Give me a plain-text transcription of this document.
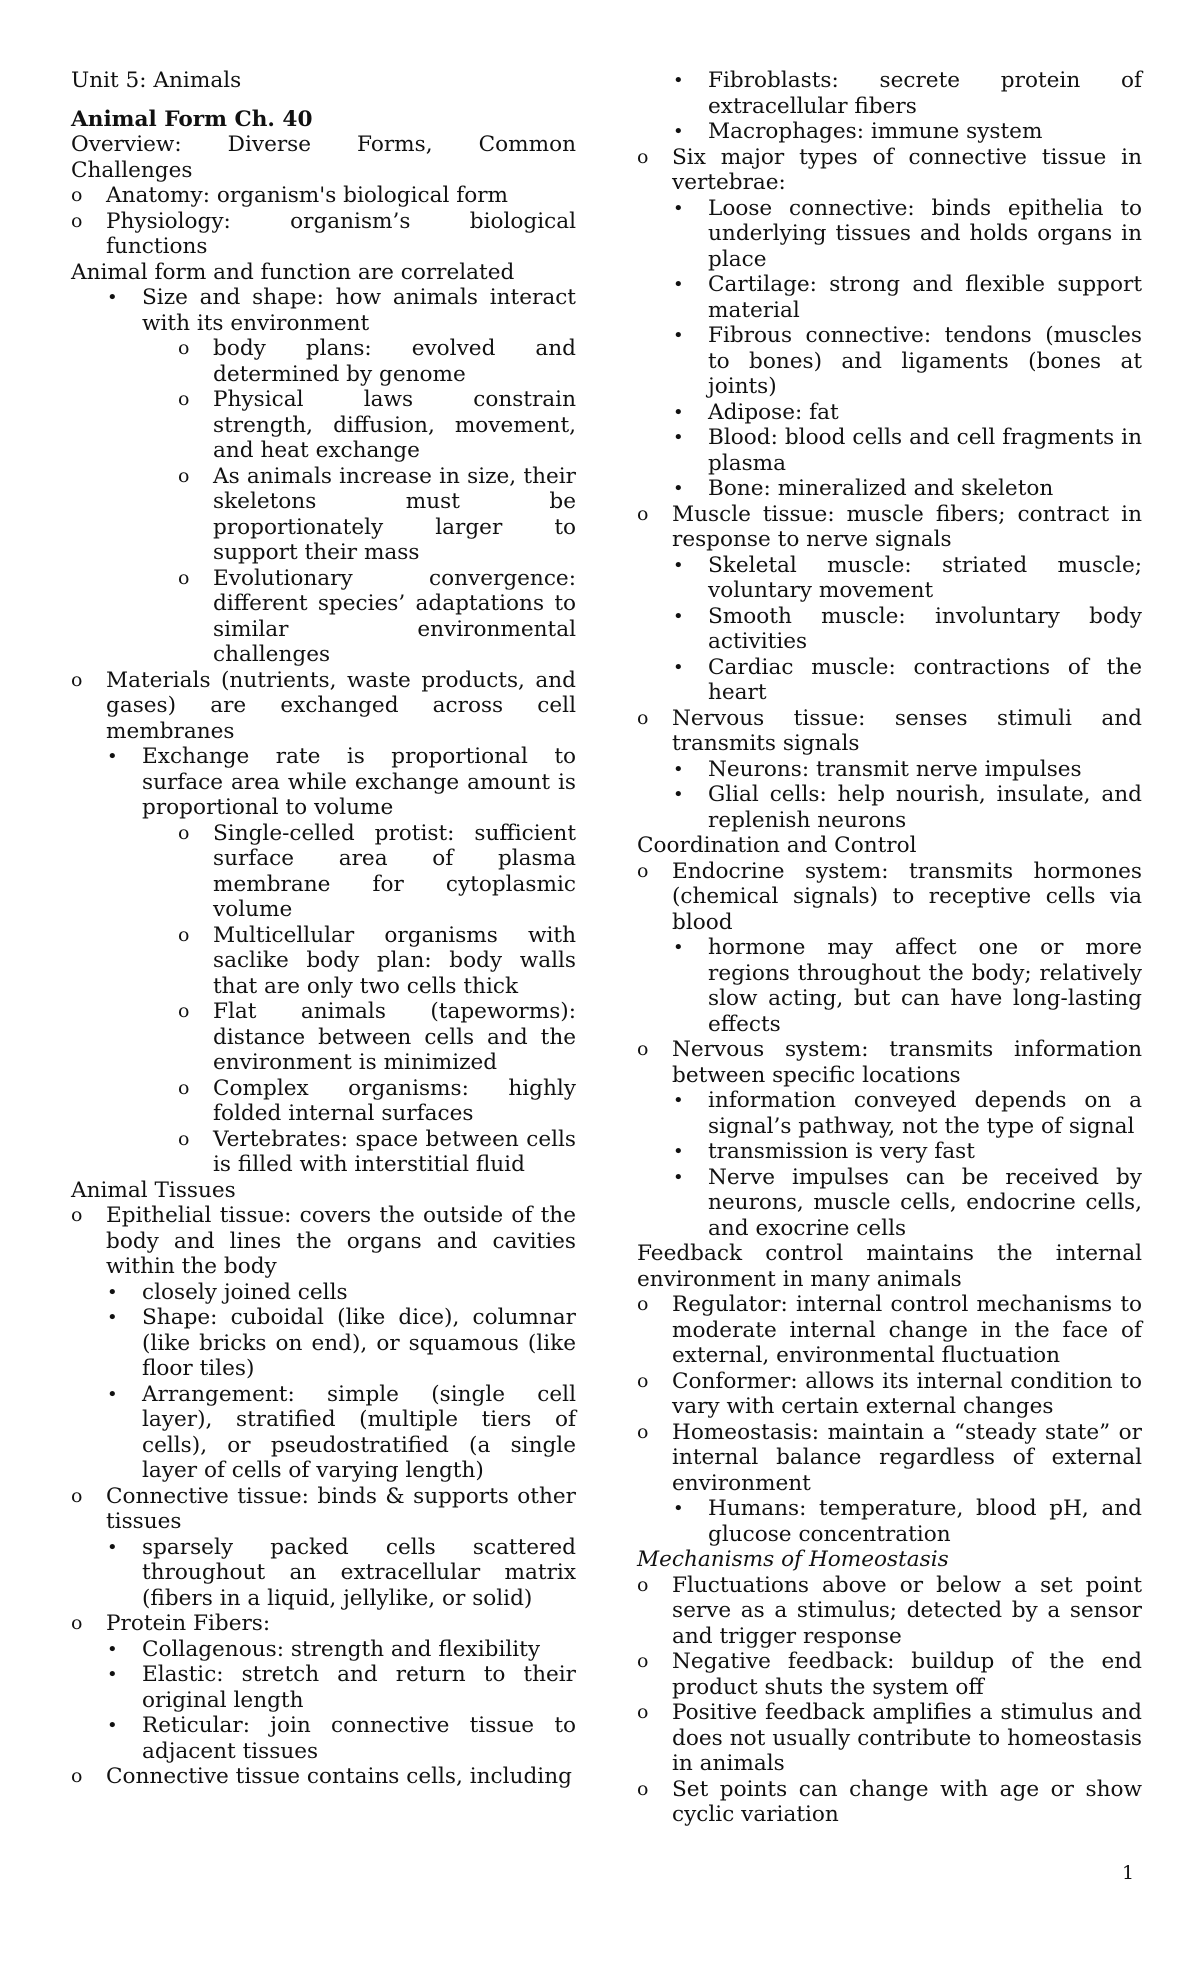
Unit 5: Animals

Animal Form Ch. 40

Overview: Diverse Forms, Common Challenges

o Anatomy: organism's biological form

o Physiology: organism’s biological functions

Animal form and function are correlated

• Size and shape: how animals interact with its environment

o body plans: evolved and determined by genome

o Physical laws constrain strength, diffusion, movement, and heat exchange

o As animals increase in size, their skeletons must be proportionately larger to support their mass

o Evolutionary convergence: different species’ adaptations to similar environmental challenges

o Materials (nutrients, waste products, and gases) are exchanged across cell membranes

• Exchange rate is proportional to surface area while exchange amount is proportional to volume

o Single-celled protist: sufficient surface area of plasma membrane for cytoplasmic volume

o Multicellular organisms with saclike body plan: body walls that are only two cells thick

o Flat animals (tapeworms): distance between cells and the environment is minimized

o Complex organisms: highly folded internal surfaces

o Vertebrates: space between cells is filled with interstitial fluid

Animal Tissues

o Epithelial tissue: covers the outside of the body and lines the organs and cavities within the body

• closely joined cells

• Shape: cuboidal (like dice), columnar (like bricks on end), or squamous (like floor tiles)

• Arrangement: simple (single cell layer), stratified (multiple tiers of cells), or pseudostratified (a single layer of cells of varying length)

o Connective tissue: binds & supports other tissues

• sparsely packed cells scattered throughout an extracellular matrix (fibers in a liquid, jellylike, or solid)

o Protein Fibers:

• Collagenous: strength and flexibility

• Elastic: stretch and return to their original length

• Reticular: join connective tissue to adjacent tissues

o Connective tissue contains cells, including

• Fibroblasts: secrete protein of extracellular fibers

• Macrophages: immune system

o Six major types of connective tissue in vertebrae:

• Loose connective: binds epithelia to underlying tissues and holds organs in place

• Cartilage: strong and flexible support material

• Fibrous connective: tendons (muscles to bones) and ligaments (bones at joints)

• Adipose: fat

• Blood: blood cells and cell fragments in plasma

• Bone: mineralized and skeleton

o Muscle tissue: muscle fibers; contract in response to nerve signals

• Skeletal muscle: striated muscle; voluntary movement

• Smooth muscle: involuntary body activities

• Cardiac muscle: contractions of the heart

o Nervous tissue: senses stimuli and transmits signals

• Neurons: transmit nerve impulses

• Glial cells: help nourish, insulate, and replenish neurons

Coordination and Control

o Endocrine system: transmits hormones (chemical signals) to receptive cells via blood

• hormone may affect one or more regions throughout the body; relatively slow acting, but can have long-lasting effects

o Nervous system: transmits information between specific locations

• information conveyed depends on a signal’s pathway, not the type of signal

• transmission is very fast

• Nerve impulses can be received by neurons, muscle cells, endocrine cells, and exocrine cells

Feedback control maintains the internal environment in many animals

o Regulator: internal control mechanisms to moderate internal change in the face of external, environmental fluctuation

o Conformer: allows its internal condition to vary with certain external changes

o Homeostasis: maintain a “steady state” or internal balance regardless of external environment

• Humans: temperature, blood pH, and glucose concentration

Mechanisms of Homeostasis

o Fluctuations above or below a set point serve as a stimulus; detected by a sensor and trigger response

o Negative feedback: buildup of the end product shuts the system off

o Positive feedback amplifies a stimulus and does not usually contribute to homeostasis in animals

o Set points can change with age or show cyclic variation

1
